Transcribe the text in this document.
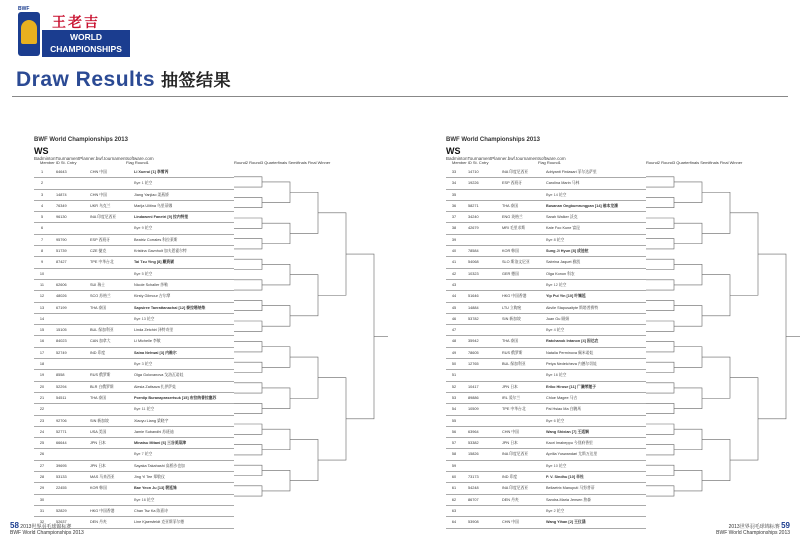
BWF
王老吉
WORLD
CHAMPIONSHIPS
Draw Results 抽签结果
BWF World Championships 2013
WS
BadmintonTournamentPlanner.bwf.tournamentsoftware.com
Member ID St. Cntry	Flag Round1	Round2 Round3 Quarterfinals Semifinals Final Winner
1	64643	CHN 中国	Li Xuerui [1] 李雪芮
2	Bye 1 轮空
3	14874	CHN 中国	Jiang Yanjiao 姜燕娇
4	76349	UKR 乌克兰	Marija Ulitina 乌里蒂娜
5	96130	INA 印度尼西亚	Lindaweni Fanetri [9] 拉内特里
6	Bye 9 轮空
7	95790	ESP 西班牙	Beatriz Corrales 科拉莱斯
8	51739	CZE 捷克	Kristina Gavnholt 加夫恩霍尔特
9	87427	TPE 中华台北	Tai Tzu Ying [8] 戴资颖
10	Bye 5 轮空
11	62606	SUI 瑞士	Nicole Schaller 莎勒
12	48026	SCO 苏格兰	Kirsty Gilmour 吉尔摩
13	67199	THA 泰国	Sapsiree Taerattanachai [12] 泰拉塔纳柴
14	Bye 13 轮空
15	15105	BUL 保加利亚	Linda Zetchiri 泽特奇里
16	84023	CAN 加拿大	Li Michelle 李敏
17	52749	IND 印度	Saina Nehwal [3] 内维尔
18	Bye 3 轮空
19	8558	RUS 俄罗斯	Olga Golovanova 戈洛瓦诺娃
20	52294	BLR 白俄罗斯	Alesia Zaitsava 扎伊萨娃
21	54511	THA 泰国	Porntip Buranaprasertsuk [15] 布拉纳普拉塞苏
22	Bye 11 轮空
23	92706	SIN 新加坡	Xiaoyu Liang 梁晓宇
24	52771	USA 美国	Jamie Subandhi 苏班迪
25	66644	JPN 日本	Minatsu Mitani [6] 三谷美菜津
26	Bye 7 轮空
27	39695	JPN 日本	Sayaka Takahashi 高桥沙也加
28	53133	MAS 马来西亚	Jing Yi Tee 郑敬仪
29	22455	KOR 韩国	Bae Yeon Ju [13] 裴延姝
30	Bye 16 轮空
31	52829	HKG 中国香港	Chan Tsz Ka 陈嘉诗
32	52637	DEN 丹麦	Line Kjaersfeldt 克亚斯菲尔德
BWF World Championships 2013
WS
BadmintonTournamentPlanner.bwf.tournamentsoftware.com
Member ID St. Cntry	Flag Round1	Round2 Round3 Quarterfinals Semifinals Final Winner
33	14710	INA 印度尼西亚	Adriyanti Firdasari 菲尔达萨里
34	19226	ESP 西班牙	Carolina Marin 马林
35	Bye 14 轮空
36	58271	THA 泰国	Busanan Ongbumrungpan [14] 翁本龙潘
37	34240	ENG 英格兰	Sarah Walker 沃克
38	42679	MRI 毛里求斯	Kate Foo Kune 富昆
39	Bye 8 轮空
40	78584	KOR 韩国	Sung Ji Hyun [8] 成池铉
41	54068	SLO 斯洛文尼亚	Sabrina Jaquet 雅凯
42	10323	GER 德国	Olga Konon 科农
43	Bye 12 轮空
44	51646	HKG 中国香港	Yip Pui Yin [10] 叶姵延
45	14884	LTU 立陶宛	Akvile Stapusaityte 斯塔普赛特
46	53782	SIN 新加坡	Juan Gu 顾娟
47	Bye 4 轮空
48	35942	THA 泰国	Ratchanok Intanon [4] 因达农
49	78605	RUS 俄罗斯	Natalia Perminova 佩米诺娃
50	12765	BUL 保加利亚	Petya Nedelcheva 内德尔切娃
51	Bye 16 轮空
52	10417	JPN 日本	Eriko Hirose [11] 广濑荣理子
53	89886	IRL 爱尔兰	Chloe Magee 马吉
54	10509	TPE 中华台北	Pai Hsiao Ma 白驍馬
55	Bye 6 轮空
56	63964	CHN 中国	Wang Shixian [7] 王适娴
57	53382	JPN 日本	Kaori Imabeppu 今别府香里
58	15826	INA 印度尼西亚	Aprilia Yuswandari 尤斯万达里
59	Bye 10 轮空
60	73173	IND 印度	P. V. Sindhu [10] 辛杜
61	54248	INA 印度尼西亚	Bellaetrix Manuputi 马努普蒂
62	86707	DEN 丹麦	Sandra-Maria Jensen 詹森
63	Bye 2 轮空
64	53908	CHN 中国	Wang Yihan [2] 王仪涵
58 2013世界羽毛球锦标赛
BWF World Championships 2013
2013世界羽毛球锦标赛 59
BWF World Championships 2013
